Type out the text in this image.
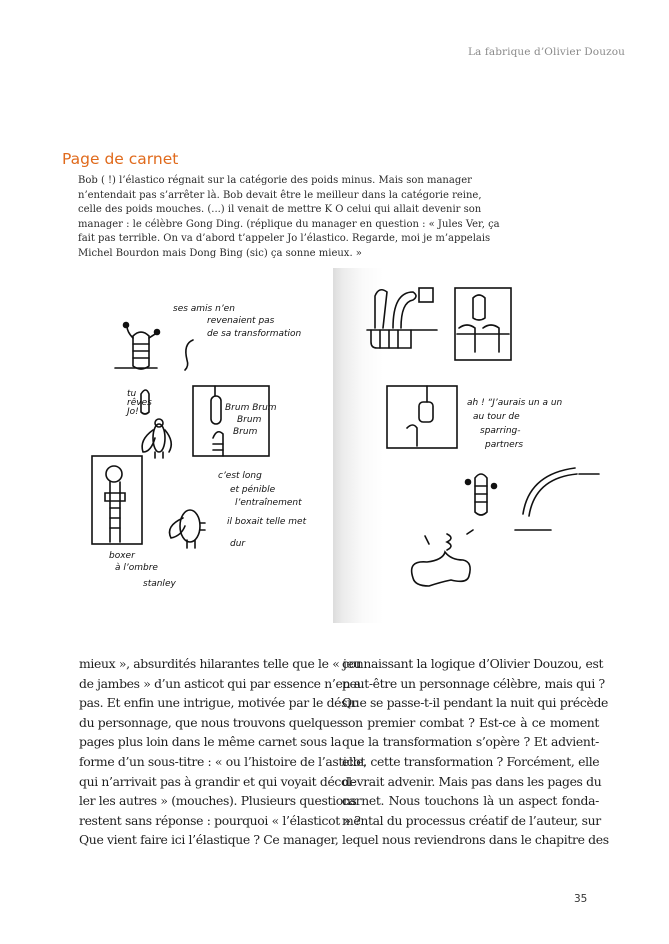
La fabrique d’Olivier Douzou
Page de carnet

Bob ( !) l’élastico régnait sur la catégorie des poids minus. Mais son manager

n’entendait pas s’arrêter là. Bob devait être le meilleur dans la catégorie reine,

celle des poids mouches. (...) il venait de mettre K O celui qui allait devenir son

manager : le célèbre Gong Ding. (réplique du manager en question : « Jules Ver, ça

fait pas terrible. On va d’abord t’appeler Jo l’élastico. Regarde, moi je m’appelais

Michel Bourdon mais Dong Bing (sic) ça sonne mieux. »

stanley
ses amis n’en
revenaient pas
de sa transformation
tu
rêves
Jo!	Brum Brum
Brum
Brum
c’est long
et pénible
l’entraînement
il boxait telle met
dur
boxer
à l’ombre
ah ! “J’aurais un a un
au tour de
sparring-
partners

mieux », absurdités hilarantes telle que le « jeu

de jambes » d’un asticot qui par essence n’en a

pas. Et enfin une intrigue, motivée par le désir

du personnage, que nous trouvons quelques

pages plus loin dans le même carnet sous la

forme d’un sous-titre : « ou l’histoire de l’asticot

qui n’arrivait pas à grandir et qui voyait décol-

ler les autres » (mouches). Plusieurs questions

restent sans réponse : pourquoi « l’élasticot » ?

Que vient faire ici l’élastique ? Ce manager,

connaissant la logique d’Olivier Douzou, est

peut-être un personnage célèbre, mais qui ?

Que se passe-t-il pendant la nuit qui précède

son premier combat ? Est-ce à ce moment

que la transformation s’opère ? Et advient-

elle, cette transformation ? Forcément, elle

devrait advenir. Mais pas dans les pages du

carnet. Nous touchons là un aspect fonda-

mental du processus créatif de l’auteur, sur

lequel nous reviendrons dans le chapitre des

35
